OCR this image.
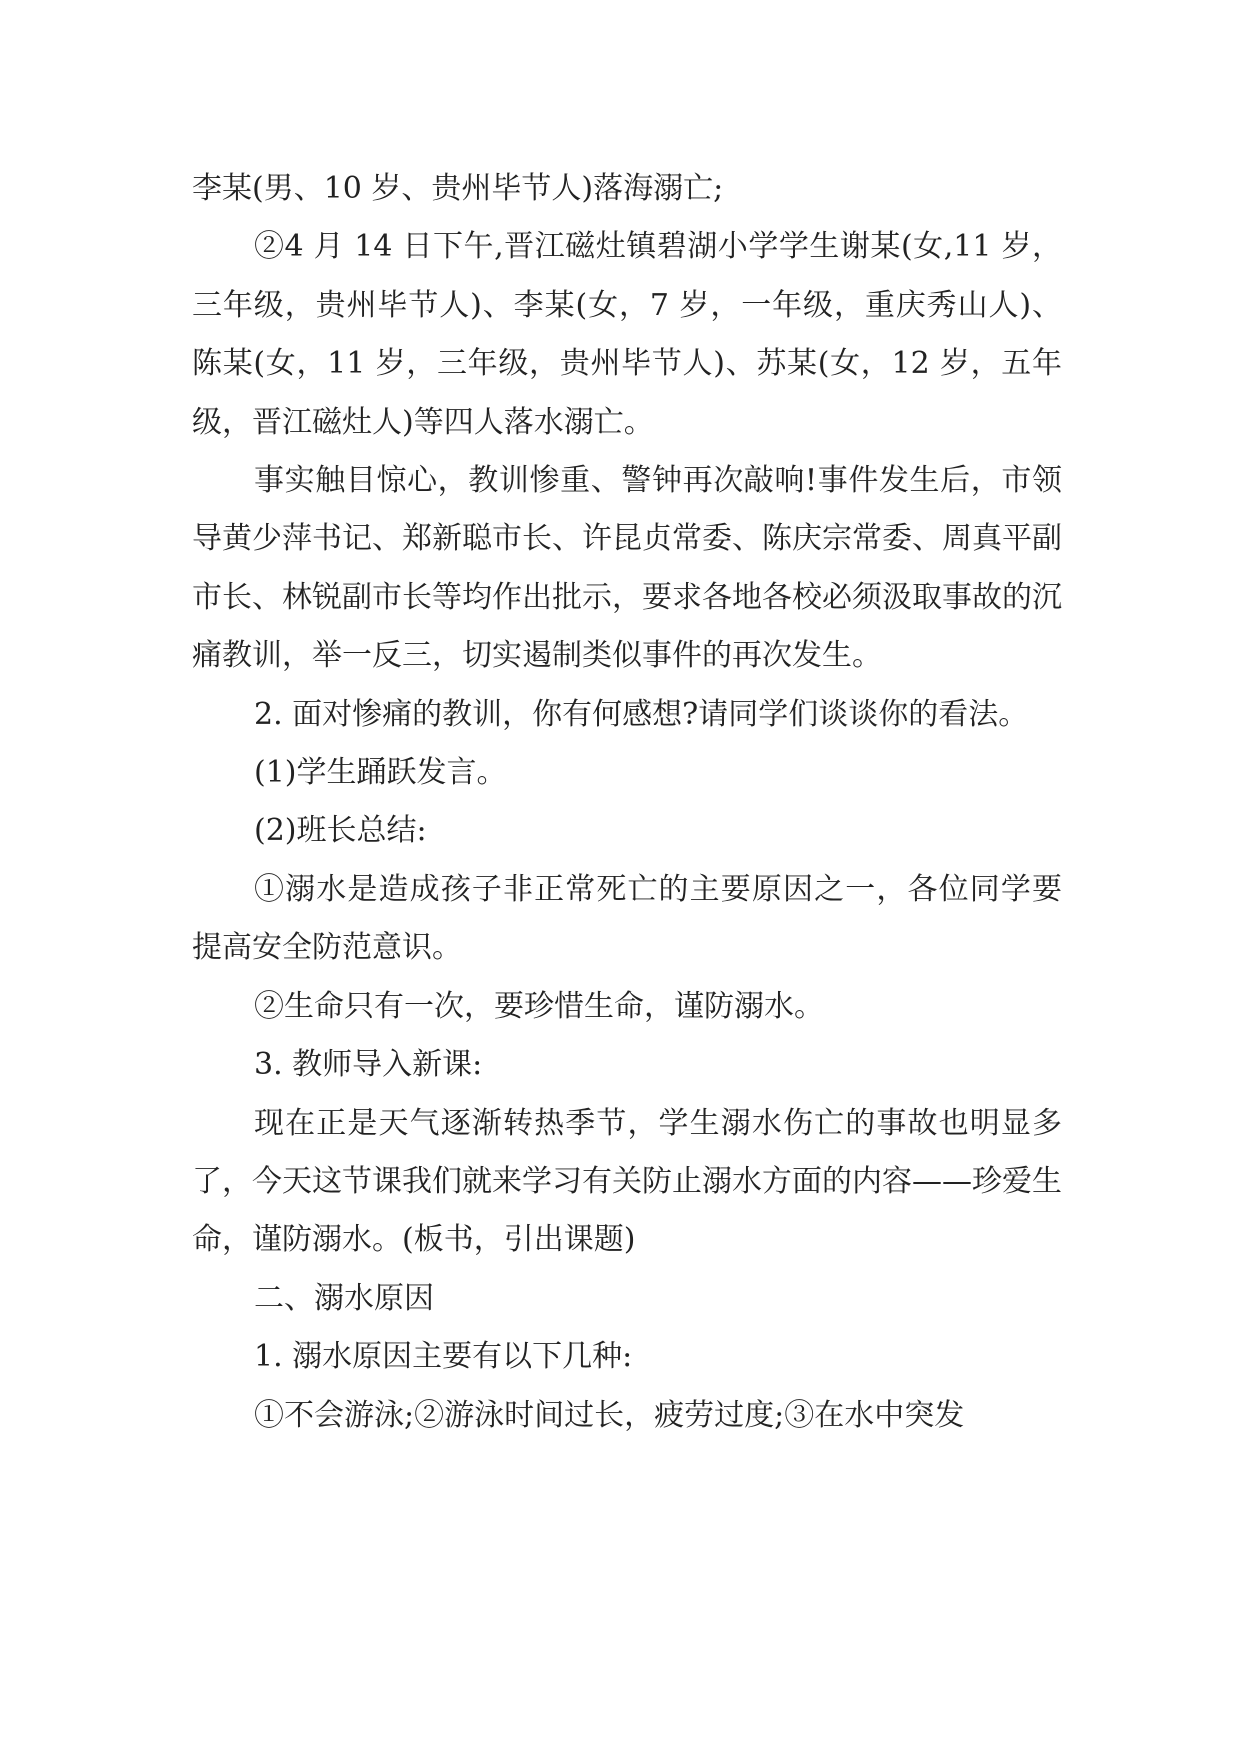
李某(男、10 岁、贵州毕节人)落海溺亡;

②4 月 14 日下午,晋江磁灶镇碧湖小学学生谢某(女,11 岁，三年级，贵州毕节人)、李某(女，7 岁，一年级，重庆秀山人)、陈某(女，11 岁，三年级，贵州毕节人)、苏某(女，12 岁，五年级，晋江磁灶人)等四人落水溺亡。

事实触目惊心，教训惨重、警钟再次敲响!事件发生后，市领导黄少萍书记、郑新聪市长、许昆贞常委、陈庆宗常委、周真平副市长、林锐副市长等均作出批示，要求各地各校必须汲取事故的沉痛教训，举一反三，切实遏制类似事件的再次发生。

2. 面对惨痛的教训，你有何感想?请同学们谈谈你的看法。

(1)学生踊跃发言。

(2)班长总结:

①溺水是造成孩子非正常死亡的主要原因之一，各位同学要提高安全防范意识。

②生命只有一次，要珍惜生命，谨防溺水。

3. 教师导入新课:

现在正是天气逐渐转热季节，学生溺水伤亡的事故也明显多了，今天这节课我们就来学习有关防止溺水方面的内容——珍爱生命，谨防溺水。(板书，引出课题)

二、溺水原因

1. 溺水原因主要有以下几种:

①不会游泳;②游泳时间过长，疲劳过度;③在水中突发
